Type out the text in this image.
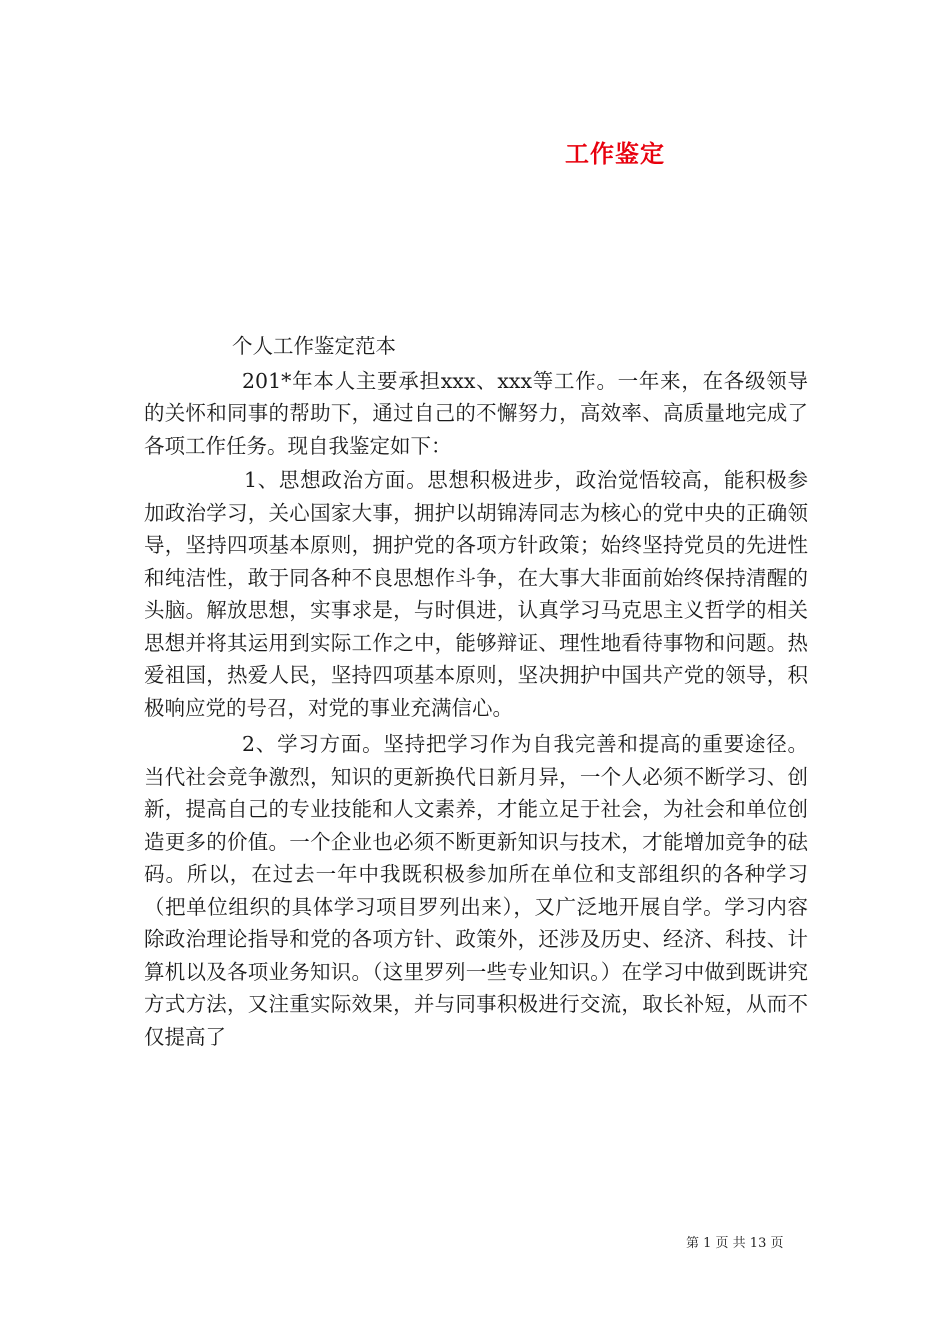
工作鉴定

个人工作鉴定范本

201*年本人主要承担xxx、xxx等工作。一年来，在各级领导的关怀和同事的帮助下，通过自己的不懈努力，高效率、高质量地完成了各项工作任务。现自我鉴定如下：

1、思想政治方面。思想积极进步，政治觉悟较高，能积极参加政治学习，关心国家大事，拥护以胡锦涛同志为核心的党中央的正确领导，坚持四项基本原则，拥护党的各项方针政策；始终坚持党员的先进性和纯洁性，敢于同各种不良思想作斗争，在大事大非面前始终保持清醒的头脑。解放思想，实事求是，与时俱进，认真学习马克思主义哲学的相关思想并将其运用到实际工作之中，能够辩证、理性地看待事物和问题。热爱祖国，热爱人民，坚持四项基本原则，坚决拥护中国共产党的领导，积极响应党的号召，对党的事业充满信心。

2、学习方面。坚持把学习作为自我完善和提高的重要途径。当代社会竞争激烈，知识的更新换代日新月异，一个人必须不断学习、创新，提高自己的专业技能和人文素养，才能立足于社会，为社会和单位创造更多的价值。一个企业也必须不断更新知识与技术，才能增加竞争的砝码。所以，在过去一年中我既积极参加所在单位和支部组织的各种学习（把单位组织的具体学习项目罗列出来），又广泛地开展自学。学习内容除政治理论指导和党的各项方针、政策外，还涉及历史、经济、科技、计算机以及各项业务知识。（这里罗列一些专业知识。）在学习中做到既讲究方式方法，又注重实际效果，并与同事积极进行交流，取长补短，从而不仅提高了

第 1 页 共 13 页
